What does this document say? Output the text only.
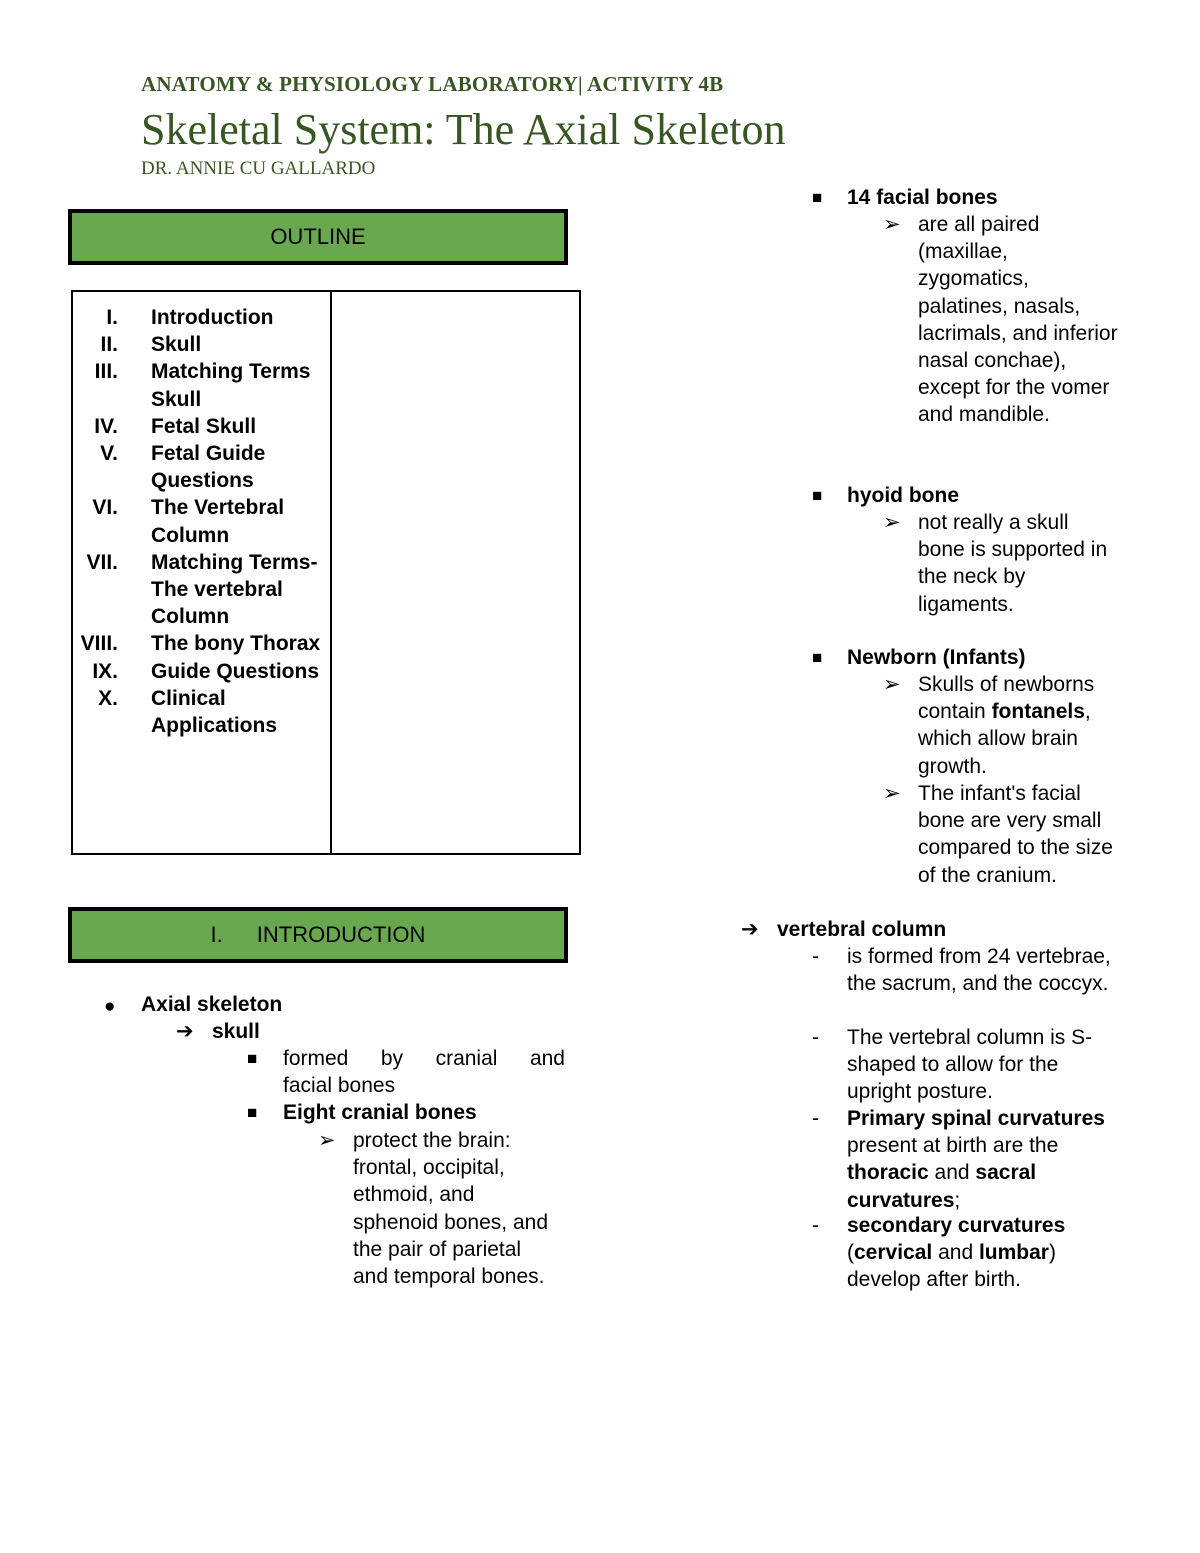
ANATOMY & PHYSIOLOGY LABORATORY| ACTIVITY 4B
Skeletal System: The Axial Skeleton
DR. ANNIE CU GALLARDO
OUTLINE
I. Introduction
II. Skull
III. Matching Terms Skull
IV. Fetal Skull
V. Fetal Guide Questions
VI. The Vertebral Column
VII. Matching Terms- The vertebral Column
VIII. The bony Thorax
IX. Guide Questions
X. Clinical Applications
I. INTRODUCTION
● Axial skeleton
➔ skull
■ formed by cranial and
facial bones
■ Eight cranial bones
➢ protect the brain: frontal, occipital, ethmoid, and sphenoid bones, and the pair of parietal and temporal bones.
■ 14 facial bones
➢ are all paired (maxillae, zygomatics, palatines, nasals, lacrimals, and inferior nasal conchae), except for the vomer and mandible.
■ hyoid bone
➢ not really a skull bone is supported in the neck by ligaments.
■ Newborn (Infants)
➢ Skulls of newborns contain fontanels, which allow brain growth.
➢ The infant's facial bone are very small compared to the size of the cranium.
➔ vertebral column
- is formed from 24 vertebrae, the sacrum, and the coccyx.
- The vertebral column is S-shaped to allow for the upright posture.
- Primary spinal curvatures present at birth are the thoracic and sacral curvatures;
- secondary curvatures (cervical and lumbar) develop after birth.
